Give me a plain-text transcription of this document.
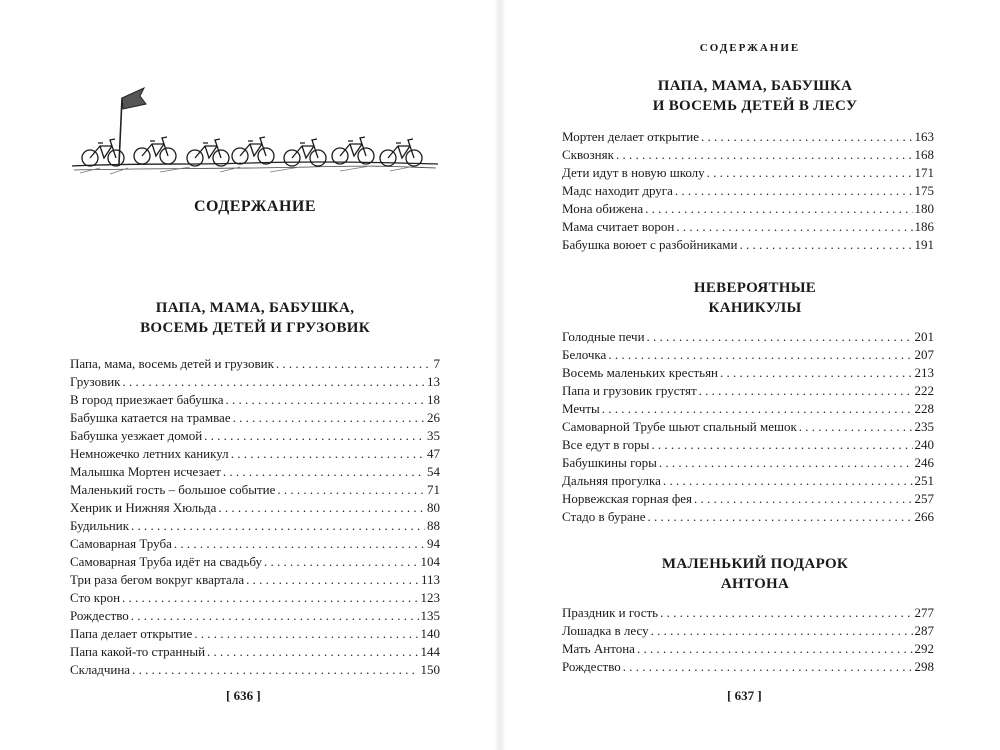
СОДЕРЖАНИЕ
ПАПА, МАМА, БАБУШКА,
ВОСЕМЬ ДЕТЕЙ И ГРУЗОВИК
Папа, мама, восемь детей и грузовик . . .	7
Грузовик . . .	13
В город приезжает бабушка . . .	18
Бабушка катается на трамвае . . .	26
Бабушка уезжает домой . . .	35
Немножечко летних каникул . . .	47
Малышка Мортен исчезает . . .	54
Маленький гость – большое событие . . .	71
Хенрик и Нижняя Хюльда . . .	80
Будильник . . .	88
Самоварная Труба . . .	94
Самоварная Труба идёт на свадьбу . . .	104
Три раза бегом вокруг квартала . . .	113
Сто крон . . .	123
Рождество . . .	135
Папа делает открытие . . .	140
Папа какой-то странный . . .	144
Складчина . . .	150
[ 636 ]
СОДЕРЖАНИЕ
ПАПА, МАМА, БАБУШКА
И ВОСЕМЬ ДЕТЕЙ В ЛЕСУ
Мортен делает открытие . . .	163
Сквозняк . . .	168
Дети идут в новую школу . . .	171
Мадс находит друга . . .	175
Мона обижена . . .	180
Мама считает ворон . . .	186
Бабушка воюет с разбойниками . . .	191
НЕВЕРОЯТНЫЕ
КАНИКУЛЫ
Голодные печи . . .	201
Белочка . . .	207
Восемь маленьких крестьян . . .	213
Папа и грузовик грустят . . .	222
Мечты . . .	228
Самоварной Трубе шьют спальный мешок . . .	235
Все едут в горы . . .	240
Бабушкины горы . . .	246
Дальняя прогулка . . .	251
Норвежская горная фея . . .	257
Стадо в буране . . .	266
МАЛЕНЬКИЙ ПОДАРОК
АНТОНА
Праздник и гость . . .	277
Лошадка в лесу . . .	287
Мать Антона . . .	292
Рождество . . .	298
[ 637 ]
